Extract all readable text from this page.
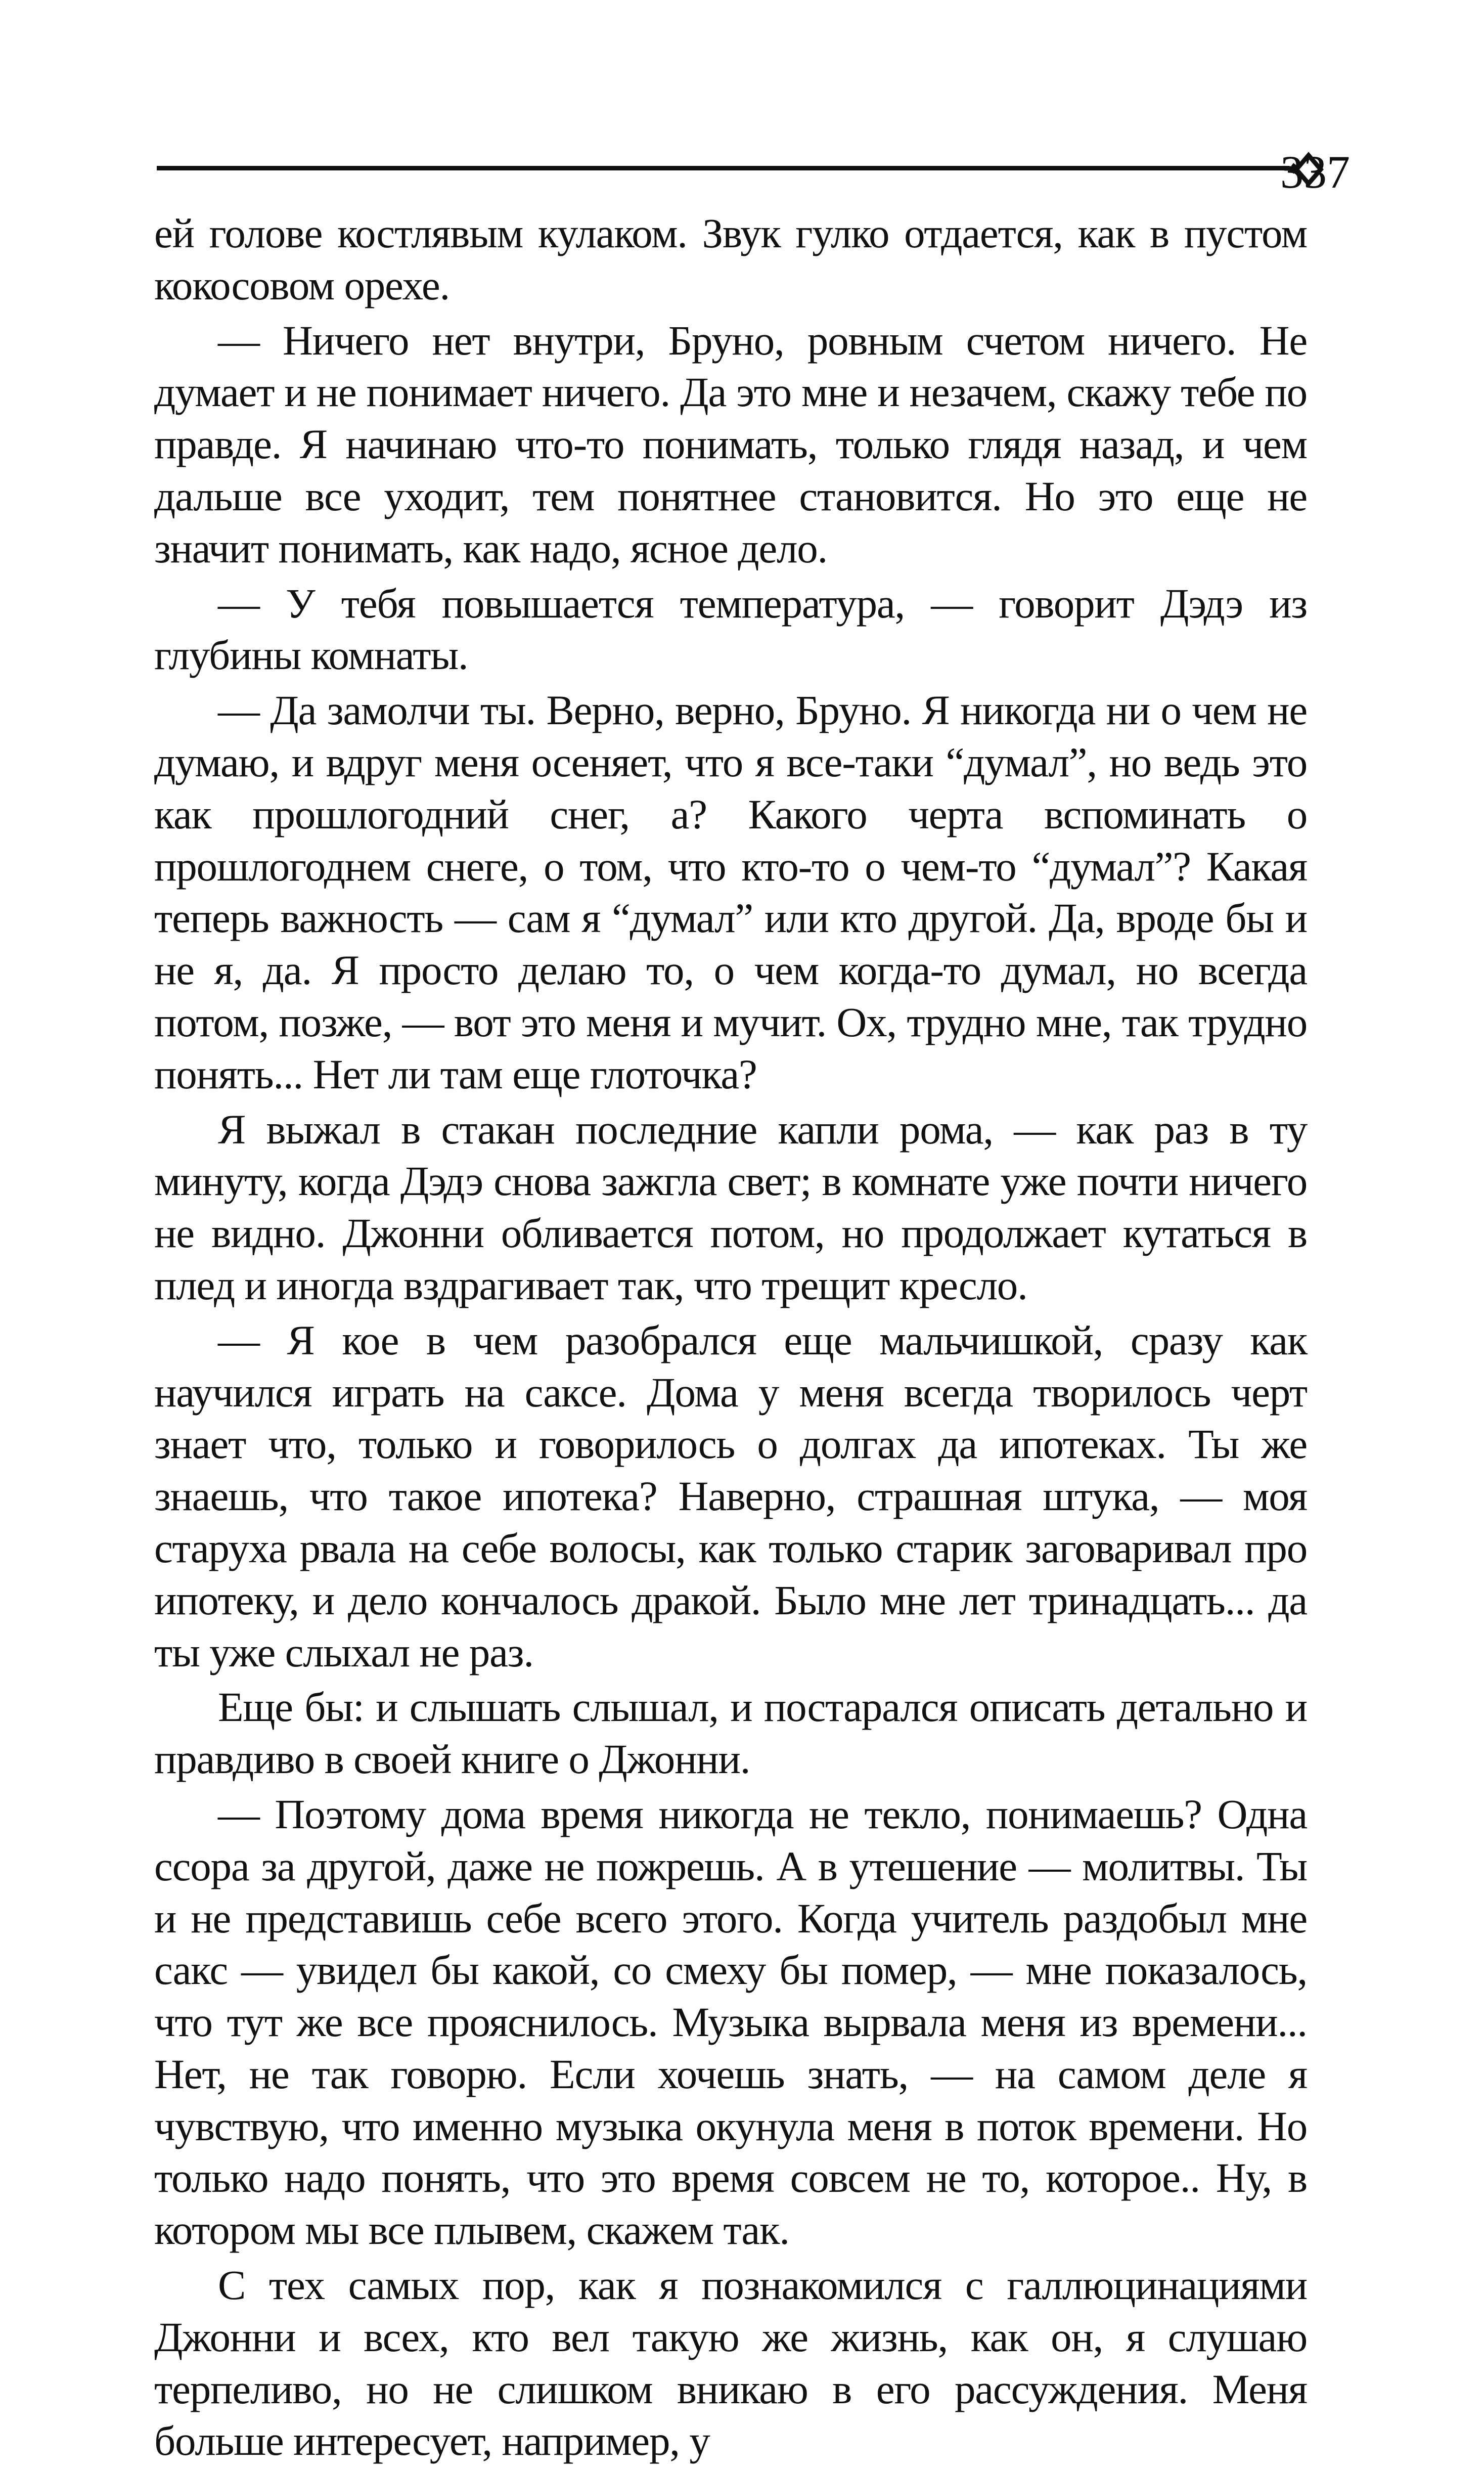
337

ей голове костлявым кулаком. Звук гулко отдается, как в пустом кокосовом орехе.

— Ничего нет внутри, Бруно, ровным счетом ничего. Не думает и не понимает ничего. Да это мне и незачем, скажу тебе по правде. Я начинаю что-то понимать, только глядя назад, и чем дальше все уходит, тем понятнее становится. Но это еще не значит понимать, как надо, ясное дело.

— У тебя повышается температура, — говорит Дэдэ из глубины комнаты.

— Да замолчи ты. Верно, верно, Бруно. Я никогда ни о чем не думаю, и вдруг меня осеняет, что я все-таки “думал”, но ведь это как прошлогодний снег, а? Какого черта вспоминать о прошлогоднем снеге, о том, что кто-то о чем-то “думал”? Какая теперь важность — сам я “думал” или кто другой. Да, вроде бы и не я, да. Я просто делаю то, о чем когда-то думал, но всегда потом, позже, — вот это меня и мучит. Ох, трудно мне, так трудно понять... Нет ли там еще глоточка?

Я выжал в стакан последние капли рома, — как раз в ту минуту, когда Дэдэ снова зажгла свет; в комнате уже почти ничего не видно. Джонни обливается потом, но продолжает кутаться в плед и иногда вздрагивает так, что трещит кресло.

— Я кое в чем разобрался еще мальчишкой, сразу как научился играть на саксе. Дома у меня всегда творилось черт знает что, только и говорилось о долгах да ипотеках. Ты же знаешь, что такое ипотека? Наверно, страшная штука, — моя старуха рвала на себе волосы, как только старик заговаривал про ипотеку, и дело кончалось дракой. Было мне лет тринадцать... да ты уже слыхал не раз.

Еще бы: и слышать слышал, и постарался описать детально и правдиво в своей книге о Джонни.

— Поэтому дома время никогда не текло, понимаешь? Одна ссора за другой, даже не пожрешь. А в утешение — молитвы. Ты и не представишь себе всего этого. Когда учитель раздобыл мне сакс — увидел бы какой, со смеху бы помер, — мне показалось, что тут же все прояснилось. Музыка вырвала меня из времени... Нет, не так говорю. Если хочешь знать, — на самом деле я чувствую, что именно музыка окунула меня в поток времени. Но только надо понять, что это время совсем не то, которое.. Ну, в котором мы все плывем, скажем так.

С тех самых пор, как я познакомился с галлюцинациями Джонни и всех, кто вел такую же жизнь, как он, я слушаю терпеливо, но не слишком вникаю в его рассуждения. Меня больше интересует, например, у
